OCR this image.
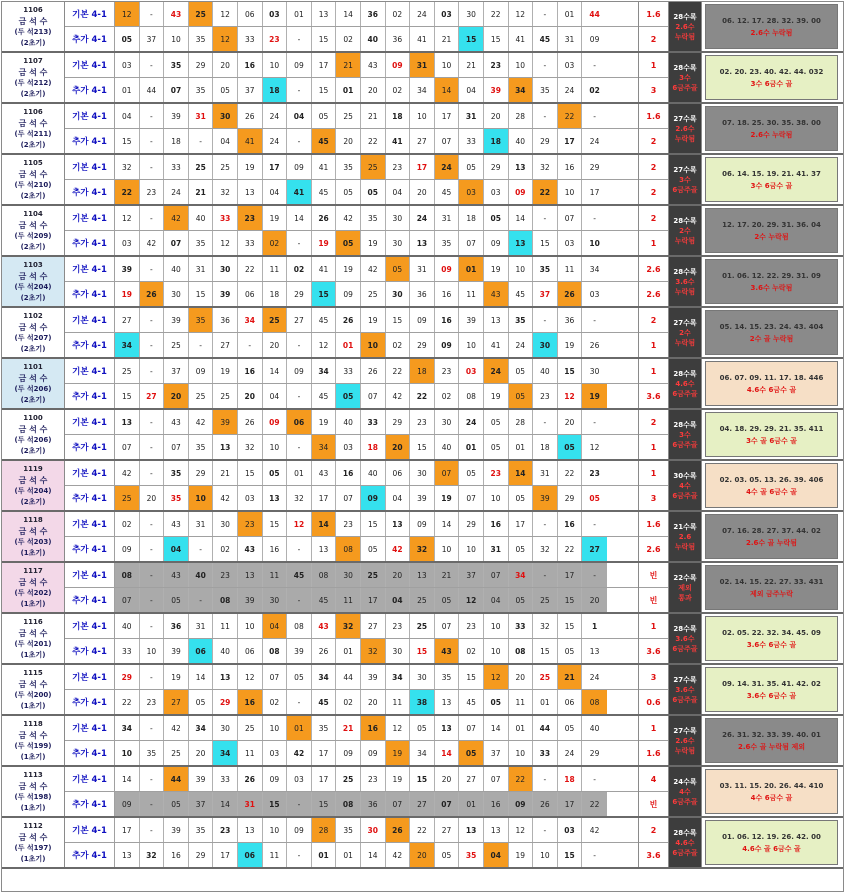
1106
금 석 수
(두 석213)
(2초기)
기본 4-1	12	-	43	25	12	06	03	01	13	14	36	02	24	03	30	22	12	-	01	44
추가 4-1	05	37	10	35	12	33	23	-	15	02	40	36	41	21	15	15	41	45	31	09
1.6
2
28수록
2.6수
누락됨
06. 12. 17. 28. 32. 39. 00
2.6수 누락됨
1107
금 석 수
(두 석212)
(2초기)
기본 4-1	03	-	35	29	20	16	10	09	17	21	43	09	31	10	21	23	10	-	03	-
추가 4-1	01	44	07	35	05	37	18	-	15	01	20	02	34	14	04	39	34	35	24	02
1
3
28수록
3수
6금주골
02. 20. 23. 40. 42. 44. 032
3수 6금수 골
1106
금 석 수
(두 석211)
(2초기)
기본 4-1	04	-	39	31	30	26	24	04	05	25	21	18	10	17	31	20	28	-	22	-
추가 4-1	15	-	18	-	04	41	24	-	45	20	22	41	27	07	33	18	40	29	17	24
1.6
2
27수록
2.6수
누락됨
07. 18. 25. 30. 35. 38. 00
2.6수 누락됨
1105
금 석 수
(두 석210)
(2초기)
기본 4-1	32	-	33	25	25	19	17	09	41	35	25	23	17	24	05	29	13	32	16	29
추가 4-1	22	23	24	21	32	13	04	41	45	05	05	04	20	45	03	03	09	22	10	17
2
2
27수록
3수
6금주골
06. 14. 15. 19. 21. 41. 37
3수 6금수 골
1104
금 석 수
(두 석209)
(2초기)
기본 4-1	12	-	42	40	33	23	19	14	26	42	35	30	24	31	18	05	14	-	07	-
추가 4-1	03	42	07	35	12	33	02	-	19	05	19	30	13	35	07	09	13	15	03	10
2
1
28수록
2수
누락됨
12. 17. 20. 29. 31. 36. 04
2수 누락됨
1103
금 석 수
(두 석204)
(2초기)
기본 4-1	39	-	40	31	30	22	11	02	41	19	42	05	31	09	01	19	10	35	11	34
추가 4-1	19	26	30	15	39	06	18	29	15	09	25	30	36	16	11	43	45	37	26	03
2.6
2.6
28수록
3.6수
누락됨
01. 06. 12. 22. 29. 31. 09
3.6수 누락됨
1102
금 석 수
(두 석207)
(2초기)
기본 4-1	27	-	39	35	36	34	25	27	45	26	19	15	09	16	39	13	35	-	36	-
추가 4-1	34	-	25	-	27	-	20	-	12	01	10	02	29	09	10	41	24	30	19	26
2
1
27수록
2수
누락됨
05. 14. 15. 23. 24. 43. 404
2수 골 누락됨
1101
금 석 수
(두 석206)
(2초기)
기본 4-1	25	-	37	09	19	16	14	09	34	33	26	22	18	23	03	24	05	40	15	30
추가 4-1	15	27	20	25	25	20	04	-	45	05	07	42	22	02	08	19	05	23	12	19
1
3.6
28수록
4.6수
6금주골
06. 07. 09. 11. 17. 18. 446
4.6수 6금수 골
1100
금 석 수
(두 석206)
(2초기)
기본 4-1	13	-	43	42	39	26	09	06	19	40	33	29	23	30	24	05	28	-	20	-
추가 4-1	07	-	07	35	13	32	10	-	34	03	18	20	15	40	01	05	01	18	05	12
2
1
28수록
3수
6금주골
04. 18. 29. 29. 21. 35. 411
3수 골 6금수 골
1119
금 석 수
(두 석204)
(2초기)
기본 4-1	42	-	35	29	21	15	05	01	43	16	40	06	30	07	05	23	14	31	22	23
추가 4-1	25	20	35	10	42	03	13	32	17	07	09	04	39	19	07	10	05	39	29	05
1
3
30수록
4수
6금주골
02. 03. 05. 13. 26. 39. 406
4수 골 6금수 골
1118
금 석 수
(두 석203)
(1초기)
기본 4-1	02	-	43	31	30	23	15	12	14	23	15	13	09	14	29	16	17	-	16	-
추가 4-1	09	-	04	-	02	43	16	-	13	08	05	42	32	10	10	31	05	32	22	27
1.6
2.6
21수록
2.6
누락됨
07. 16. 28. 27. 37. 44. 02
2.6수 골 누락됨
1117
금 석 수
(두 석202)
(1초기)
기본 4-1	08	-	43	40	23	13	11	45	08	30	25	20	13	21	37	07	34	-	17	-
추가 4-1	07	-	05	-	08	39	30	-	45	11	17	04	25	05	12	04	05	25	15	20
빈
빈
22수록
제외
통과
02. 14. 15. 22. 27. 33. 431
제외 금주누락
1116
금 석 수
(두 석201)
(1초기)
기본 4-1	40	-	36	31	11	10	04	08	43	32	27	23	25	07	23	10	33	32	15	1
추가 4-1	33	10	39	06	40	06	08	39	26	01	32	30	15	43	02	10	08	15	05	13
1
3.6
28수록
3.6수
6금주골
02. 05. 22. 32. 34. 45. 09
3.6수 6금수 골
1115
금 석 수
(두 석200)
(1초기)
기본 4-1	29	-	19	14	13	12	07	05	34	44	39	34	30	35	15	12	20	25	21	24
추가 4-1	22	23	27	05	29	16	02	-	45	02	20	11	38	13	45	05	11	01	06	08
3
0.6
27수록
3.6수
6금주골
09. 14. 31. 35. 41. 42. 02
3.6수 6금수 골
1118
금 석 수
(두 석199)
(1초기)
기본 4-1	34	-	42	34	30	25	10	01	35	21	16	12	05	13	07	14	01	44	05	40
추가 4-1	10	35	25	20	34	11	03	42	17	09	09	19	34	14	05	37	10	33	24	29
1
1.6
27수록
2.6수
누락됨
26. 31. 32. 33. 39. 40. 01
2.6수 골 누락됨 제외
1113
금 석 수
(두 석198)
(1초기)
기본 4-1	14	-	44	39	33	26	09	03	17	25	23	19	15	20	27	07	22	-	18	-
추가 4-1	09	-	05	37	14	31	15	-	15	08	36	07	27	07	01	16	09	26	17	22
4
빈
24수록
4수
6금주골
03. 11. 15. 20. 26. 44. 410
4수 6금수 골
1112
금 석 수
(두 석197)
(1초기)
기본 4-1	17	-	39	35	23	13	10	09	28	35	30	26	22	27	13	13	12	-	03	42
추가 4-1	13	32	16	29	17	06	11	-	01	01	14	42	20	05	35	04	19	10	15	-
2
3.6
28수록
4.6수
6금주골
01. 06. 12. 19. 26. 42. 00
4.6수 골 6금수 골
